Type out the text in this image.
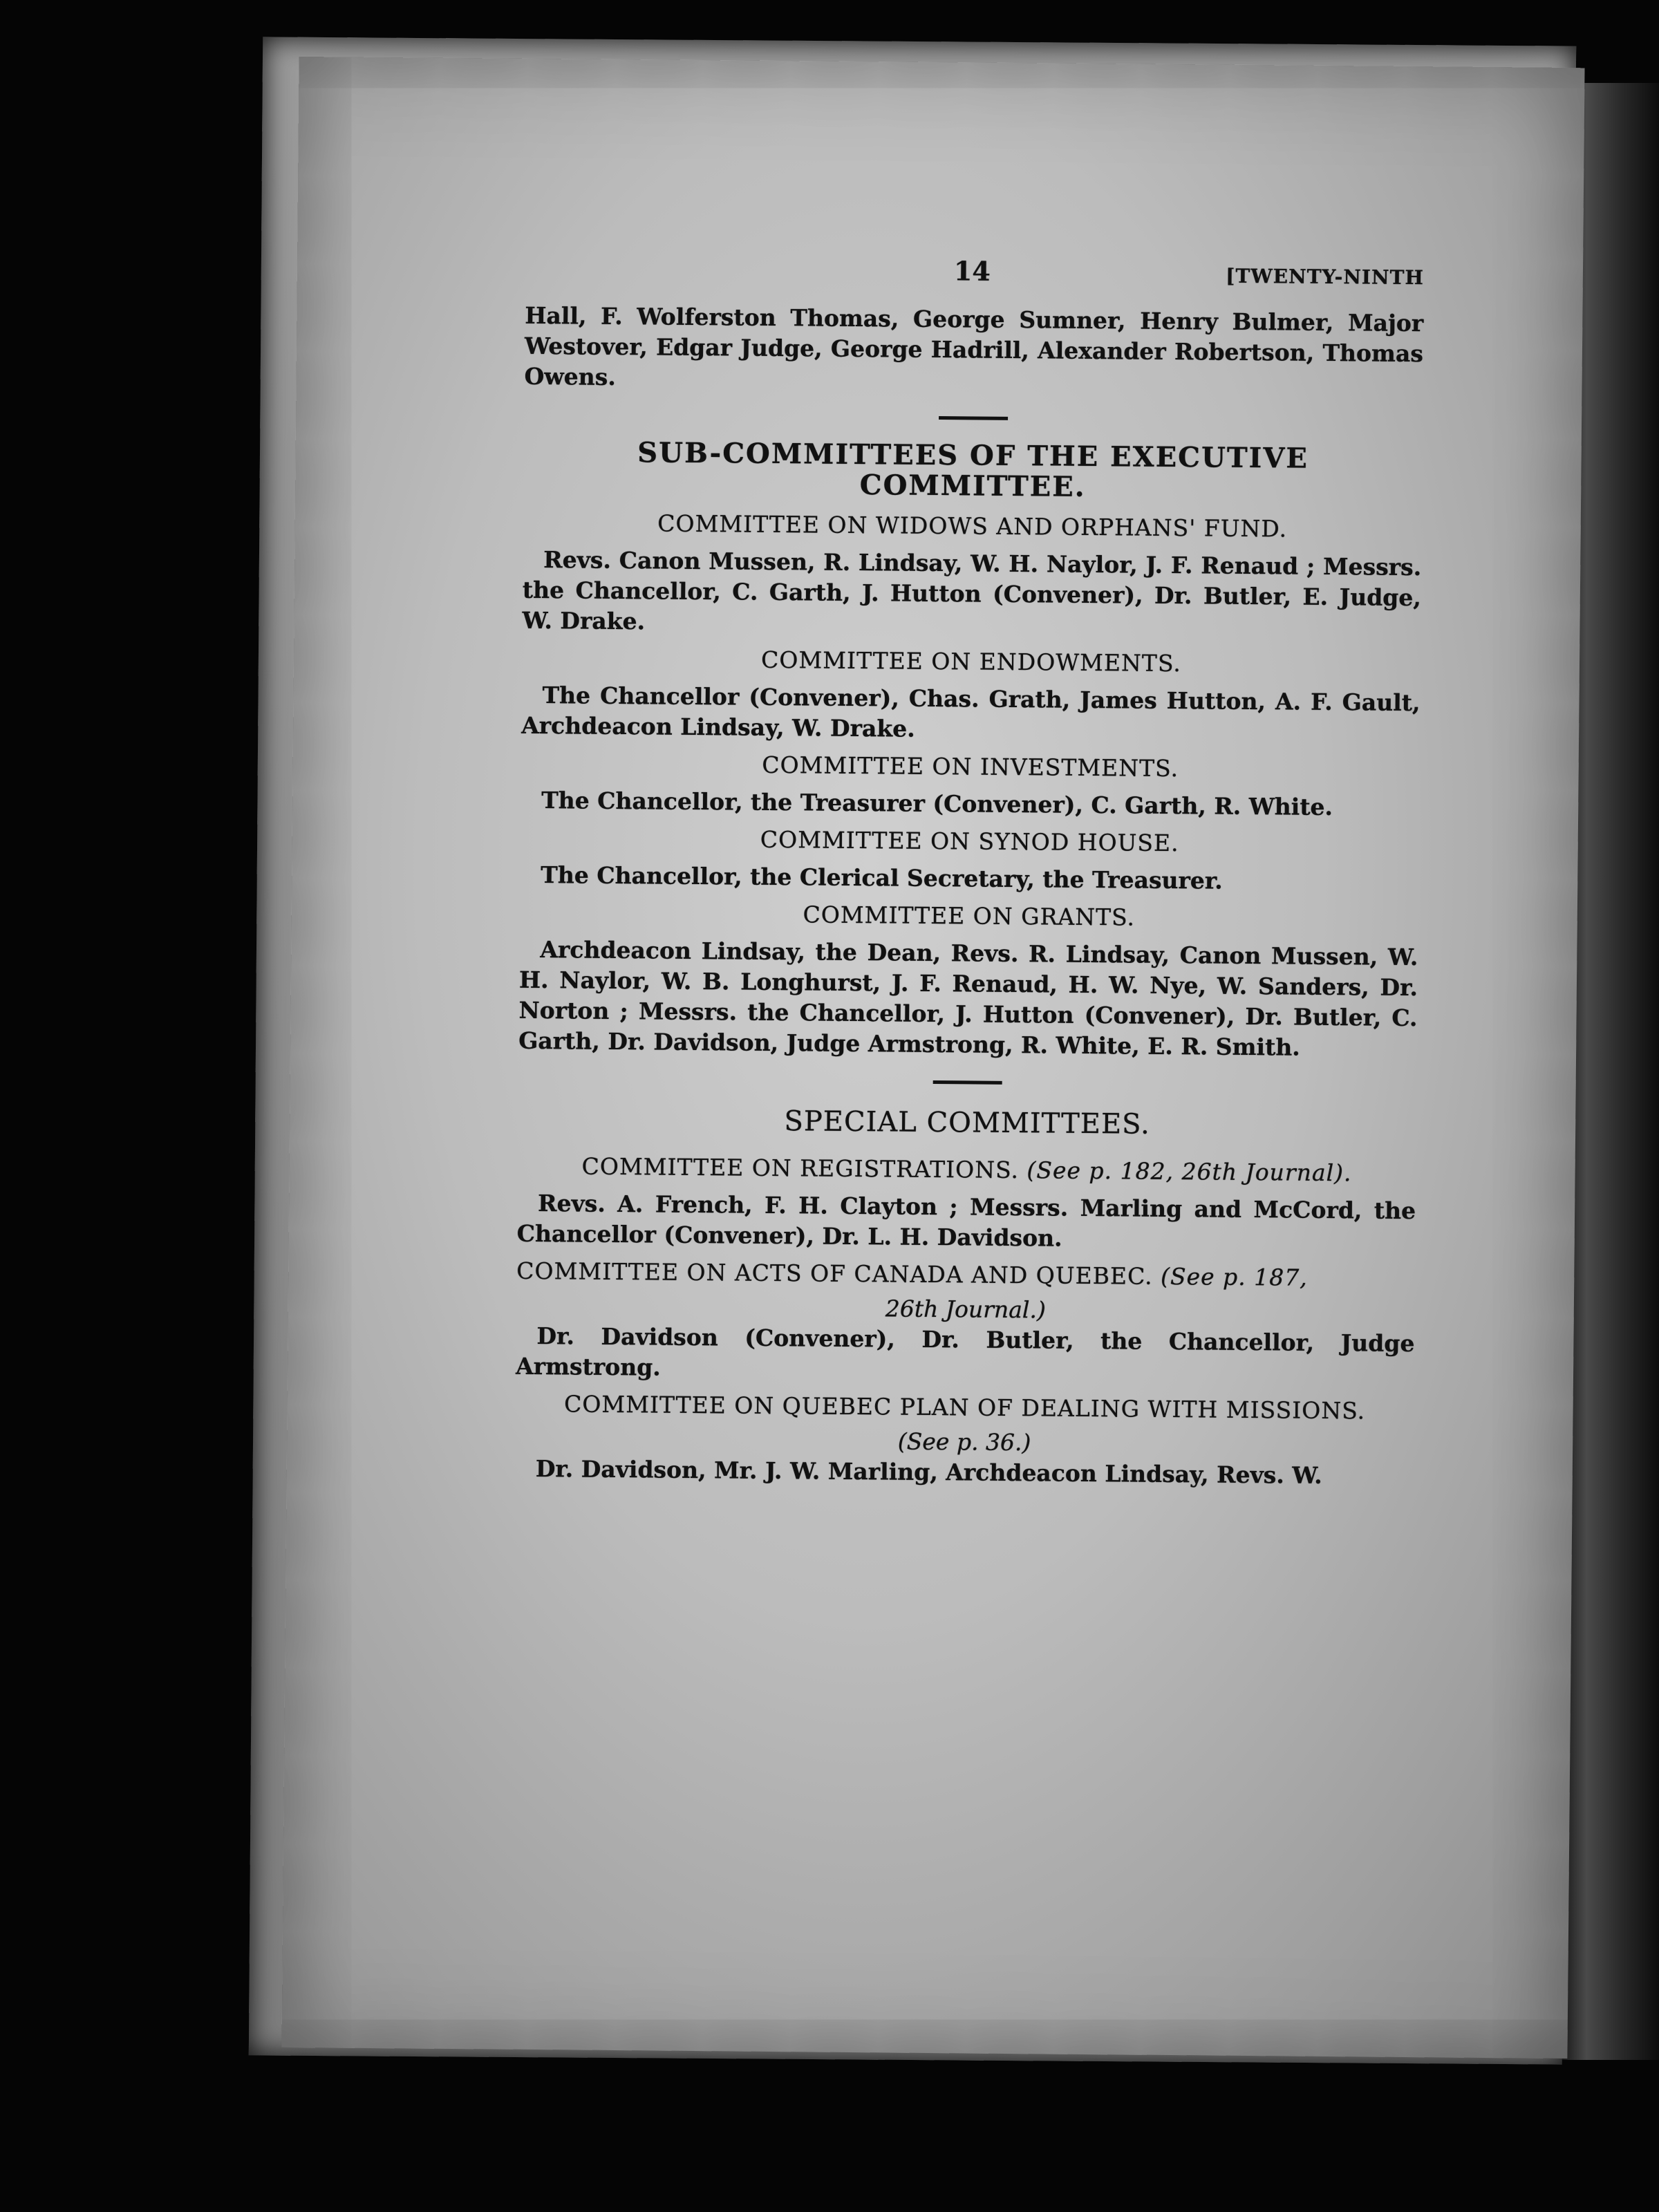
14	[TWENTY-NINTH

Hall, F. Wolferston Thomas, George Sumner, Henry Bulmer, Major Westover, Edgar Judge, George Hadrill, Alexander Robertson, Thomas Owens.

SUB-COMMITTEES OF THE EXECUTIVE COMMITTEE.
COMMITTEE ON WIDOWS AND ORPHANS' FUND.

Revs. Canon Mussen, R. Lindsay, W. H. Naylor, J. F. Renaud ; Messrs. the Chancellor, C. Garth, J. Hutton (Convener), Dr. Butler, E. Judge, W. Drake.

COMMITTEE ON ENDOWMENTS.

The Chancellor (Convener), Chas. Grath, James Hutton, A. F. Gault, Archdeacon Lindsay, W. Drake.

COMMITTEE ON INVESTMENTS.

The Chancellor, the Treasurer (Convener), C. Garth, R. White.

COMMITTEE ON SYNOD HOUSE.

The Chancellor, the Clerical Secretary, the Treasurer.

COMMITTEE ON GRANTS.

Archdeacon Lindsay, the Dean, Revs. R. Lindsay, Canon Mussen, W. H. Naylor, W. B. Longhurst, J. F. Renaud, H. W. Nye, W. Sanders, Dr. Norton ; Messrs. the Chancellor, J. Hutton (Convener), Dr. Butler, C. Garth, Dr. Davidson, Judge Armstrong, R. White, E. R. Smith.

SPECIAL COMMITTEES.
COMMITTEE ON REGISTRATIONS. (See p. 182, 26th Journal).

Revs. A. French, F. H. Clayton ; Messrs. Marling and McCord, the Chancellor (Convener), Dr. L. H. Davidson.

COMMITTEE ON ACTS OF CANADA AND QUEBEC. (See p. 187,
26th Journal.)

Dr. Davidson (Convener), Dr. Butler, the Chancellor, Judge Armstrong.

COMMITTEE ON QUEBEC PLAN OF DEALING WITH MISSIONS.
(See p. 36.)

Dr. Davidson, Mr. J. W. Marling, Archdeacon Lindsay, Revs. W.
